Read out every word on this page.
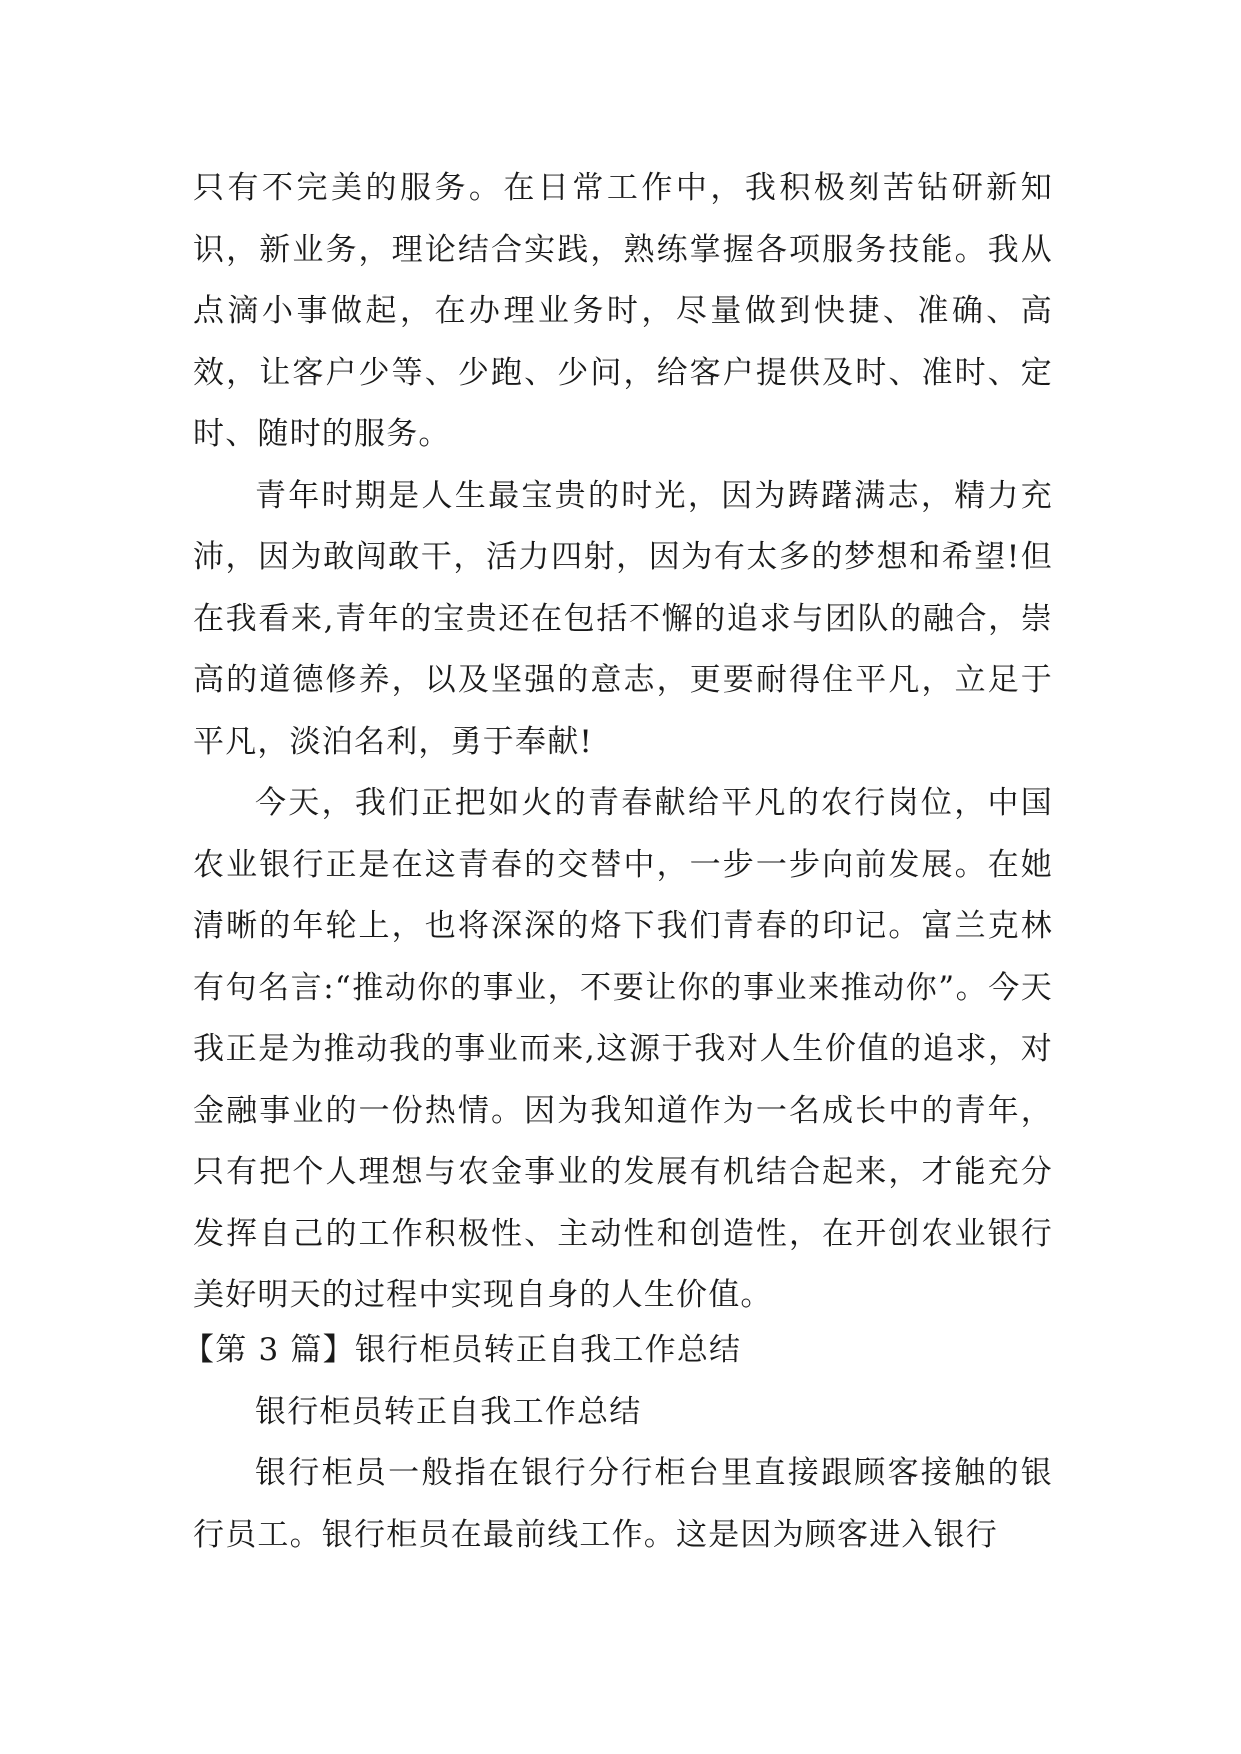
只有不完美的服务。在日常工作中，我积极刻苦钻研新知识，新业务，理论结合实践，熟练掌握各项服务技能。我从点滴小事做起，在办理业务时，尽量做到快捷、准确、高效，让客户少等、少跑、少问，给客户提供及时、准时、定时、随时的服务。

青年时期是人生最宝贵的时光，因为踌躇满志，精力充沛，因为敢闯敢干，活力四射，因为有太多的梦想和希望!但在我看来,青年的宝贵还在包括不懈的追求与团队的融合，崇高的道德修养，以及坚强的意志，更要耐得住平凡，立足于平凡，淡泊名利，勇于奉献!

今天，我们正把如火的青春献给平凡的农行岗位，中国农业银行正是在这青春的交替中，一步一步向前发展。在她清晰的年轮上，也将深深的烙下我们青春的印记。富兰克林有句名言:“推动你的事业，不要让你的事业来推动你”。今天我正是为推动我的事业而来,这源于我对人生价值的追求，对金融事业的一份热情。因为我知道作为一名成长中的青年，只有把个人理想与农金事业的发展有机结合起来，才能充分发挥自己的工作积极性、主动性和创造性，在开创农业银行美好明天的过程中实现自身的人生价值。

【第 3 篇】银行柜员转正自我工作总结

银行柜员转正自我工作总结

银行柜员一般指在银行分行柜台里直接跟顾客接触的银行员工。银行柜员在最前线工作。这是因为顾客进入银行
